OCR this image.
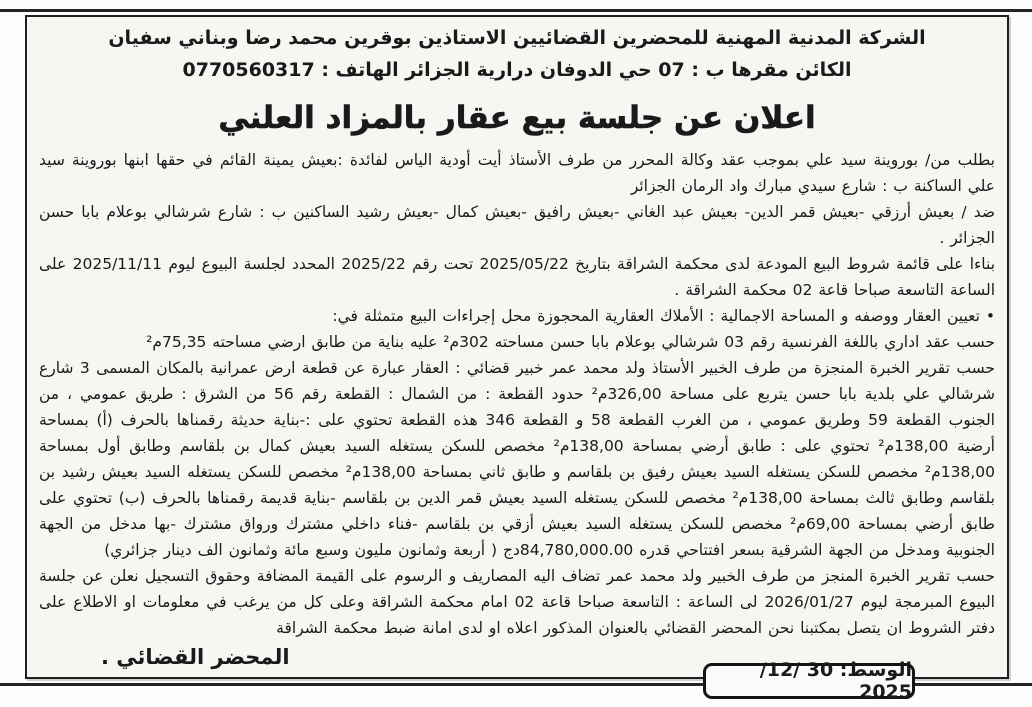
الشركة المدنية المهنية للمحضرين القضائيين الاستاذين بوقرين محمد رضا وبناني سفيان
الكائن مقرها ب : 07 حي الدوفان درارية الجزائر الهاتف : 0770560317
اعلان عن جلسة بيع عقار بالمزاد العلني

بطلب من/ بوروينة سيد علي بموجب عقد وكالة المحرر من طرف الأستاذ أيت أودية الياس لفائدة :بعيش يمينة القائم في حقها ابنها بوروينة سيد علي الساكنة ب : شارع سيدي مبارك واد الرمان الجزائر

ضد / بعيش أرزقي -بعيش قمر الدين- بعيش عبد الغاني -بعيش رافيق -بعيش كمال -بعيش رشيد الساكنين ب : شارع شرشالي بوعلام بابا حسن الجزائر .

بناءا على قائمة شروط البيع المودعة لدى محكمة الشراقة بتاريخ 2025/05/22 تحت رقم 2025/22 المحدد لجلسة البيوع ليوم 2025/11/11 على الساعة التاسعة صباحا قاعة 02 محكمة الشراقة .

• تعيين العقار ووصفه و المساحة الاجمالية : الأملاك العقارية المحجوزة محل إجراءات البيع متمثلة في:

حسب عقد اداري باللغة الفرنسية رقم 03 شرشالي بوعلام بابا حسن مساحته 302م² عليه بناية من طابق ارضي مساحته 75,35م²

حسب تقرير الخبرة المنجزة من طرف الخبير الأستاذ ولد محمد عمر خبير قضائي : العقار عبارة عن قطعة ارض عمرانية بالمكان المسمى 3 شارع شرشالي علي بلدية بابا حسن يتربع على مساحة 326,00م² حدود القطعة : من الشمال : القطعة رقم 56 من الشرق : طريق عمومي ، من الجنوب القطعة 59 وطريق عمومي ، من الغرب القطعة 58 و القطعة 346 هذه القطعة تحتوي على :-بناية حديثة رقمناها بالحرف (أ) بمساحة أرضية 138,00م² تحتوي على : طابق أرضي بمساحة 138,00م² مخصص للسكن يستغله السيد بعيش كمال بن بلقاسم وطابق أول بمساحة 138,00م² مخصص للسكن يستغله السيد بعيش رفيق بن بلقاسم و طابق ثاني بمساحة 138,00م² مخصص للسكن يستغله السيد بعيش رشيد بن بلقاسم وطابق ثالث بمساحة 138,00م² مخصص للسكن يستغله السيد بعيش قمر الدين بن بلقاسم -بناية قديمة رقمناها بالحرف (ب) تحتوي على طابق أرضي بمساحة 69,00م² مخصص للسكن يستغله السيد بعيش أزقي بن بلقاسم -فناء داخلي مشترك ورواق مشترك -بها مدخل من الجهة الجنوبية ومدخل من الجهة الشرقية بسعر افتتاحي قدره 84,780,000.00دج ( أربعة وثمانون مليون وسبع مائة وثمانون الف دينار جزائري)

حسب تقرير الخبرة المنجز من طرف الخبير ولد محمد عمر تضاف اليه المصاريف و الرسوم على القيمة المضافة وحقوق التسجيل نعلن عن جلسة البيوع المبرمجة ليوم 2026/01/27 لى الساعة : التاسعة صباحا قاعة 02 امام محكمة الشراقة وعلى كل من يرغب في معلومات او الاطلاع على دفتر الشروط ان يتصل بمكتبنا نحن المحضر القضائي بالعنوان المذكور اعلاه او لدى امانة ضبط محكمة الشراقة

المحضر القضائي .
الوسط: 30 /12/ 2025
